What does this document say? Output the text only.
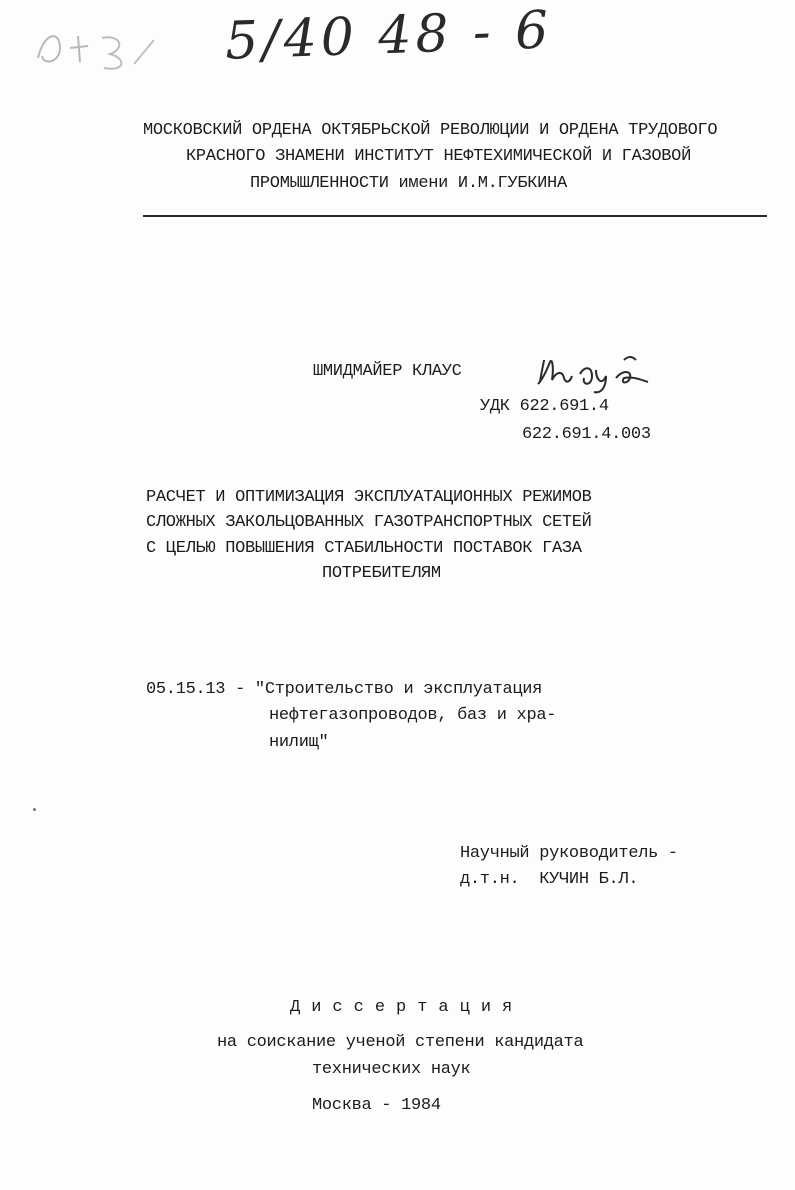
5/40 48 - 6
МОСКОВСКИЙ ОРДЕНА ОКТЯБРЬСКОЙ РЕВОЛЮЦИИ И ОРДЕНА ТРУДОВОГО
КРАСНОГО ЗНАМЕНИ ИНСТИТУТ НЕФТЕХИМИЧЕСКОЙ И ГАЗОВОЙ
ПРОМЫШЛЕННОСТИ имени И.М.ГУБКИНА
ШМИДМАЙЕР КЛАУС
УДК 622.691.4
622.691.4.003
РАСЧЕТ И ОПТИМИЗАЦИЯ ЭКСПЛУАТАЦИОННЫХ РЕЖИМОВ
СЛОЖНЫХ ЗАКОЛЬЦОВАННЫХ ГАЗОТРАНСПОРТНЫХ СЕТЕЙ
С ЦЕЛЬЮ ПОВЫШЕНИЯ СТАБИЛЬНОСТИ ПОСТАВОК ГАЗА
ПОТРЕБИТЕЛЯМ
05.15.13 - "Строительство и эксплуатация
нефтегазопроводов, баз и хра-
нилищ"
Научный руководитель -
д.т.н.  КУЧИН Б.Л.
Д и с с е р т а ц и я
на соискание ученой степени кандидата
технических наук
Москва - 1984
